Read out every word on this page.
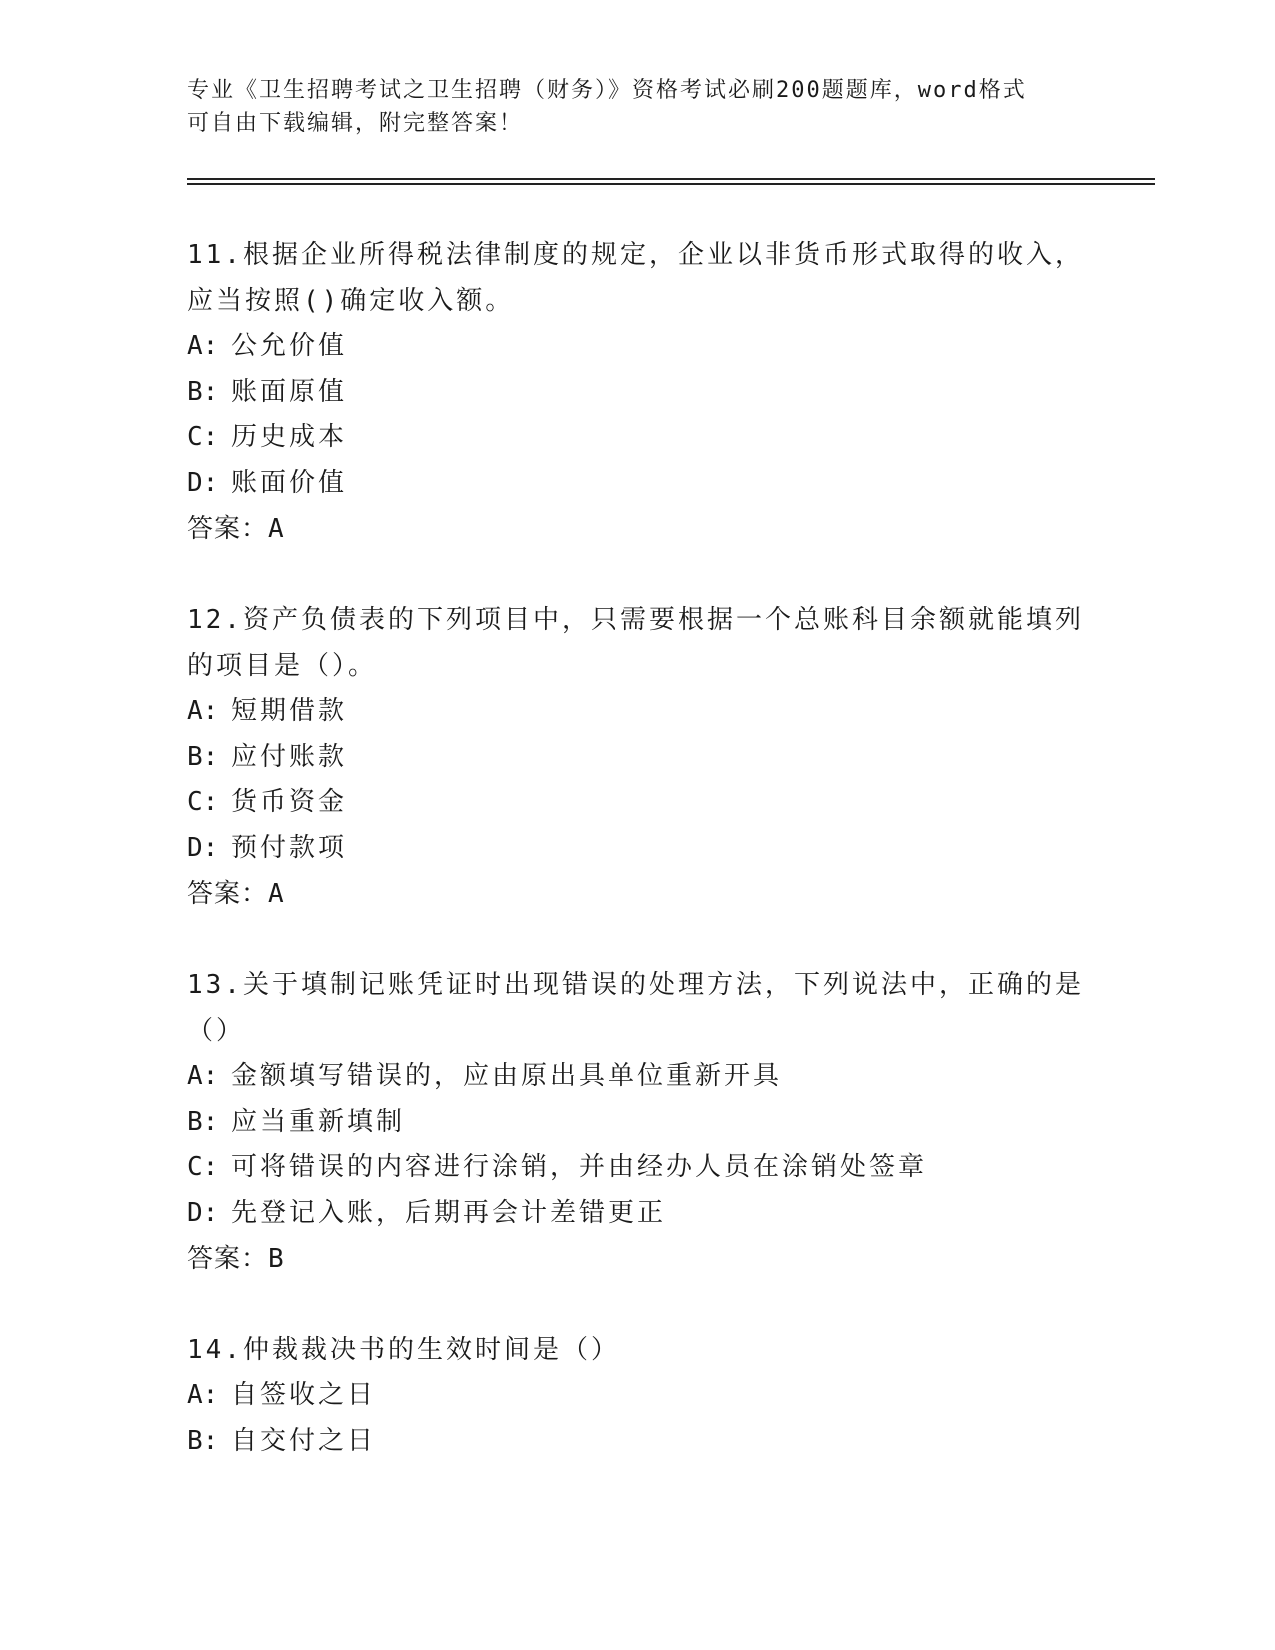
专业《卫生招聘考试之卫生招聘（财务）》资格考试必刷200题题库，word格式
可自由下载编辑，附完整答案！
11.根据企业所得税法律制度的规定，企业以非货币形式取得的收入，应当按照()确定收入额。
A: 公允价值
B: 账面原值
C: 历史成本
D: 账面价值
答案：A
12.资产负债表的下列项目中，只需要根据一个总账科目余额就能填列的项目是（）。
A: 短期借款
B: 应付账款
C: 货币资金
D: 预付款项
答案：A
13.关于填制记账凭证时出现错误的处理方法，下列说法中，正确的是（）
A: 金额填写错误的，应由原出具单位重新开具
B: 应当重新填制
C: 可将错误的内容进行涂销，并由经办人员在涂销处签章
D: 先登记入账，后期再会计差错更正
答案：B
14.仲裁裁决书的生效时间是（）
A: 自签收之日
B: 自交付之日
